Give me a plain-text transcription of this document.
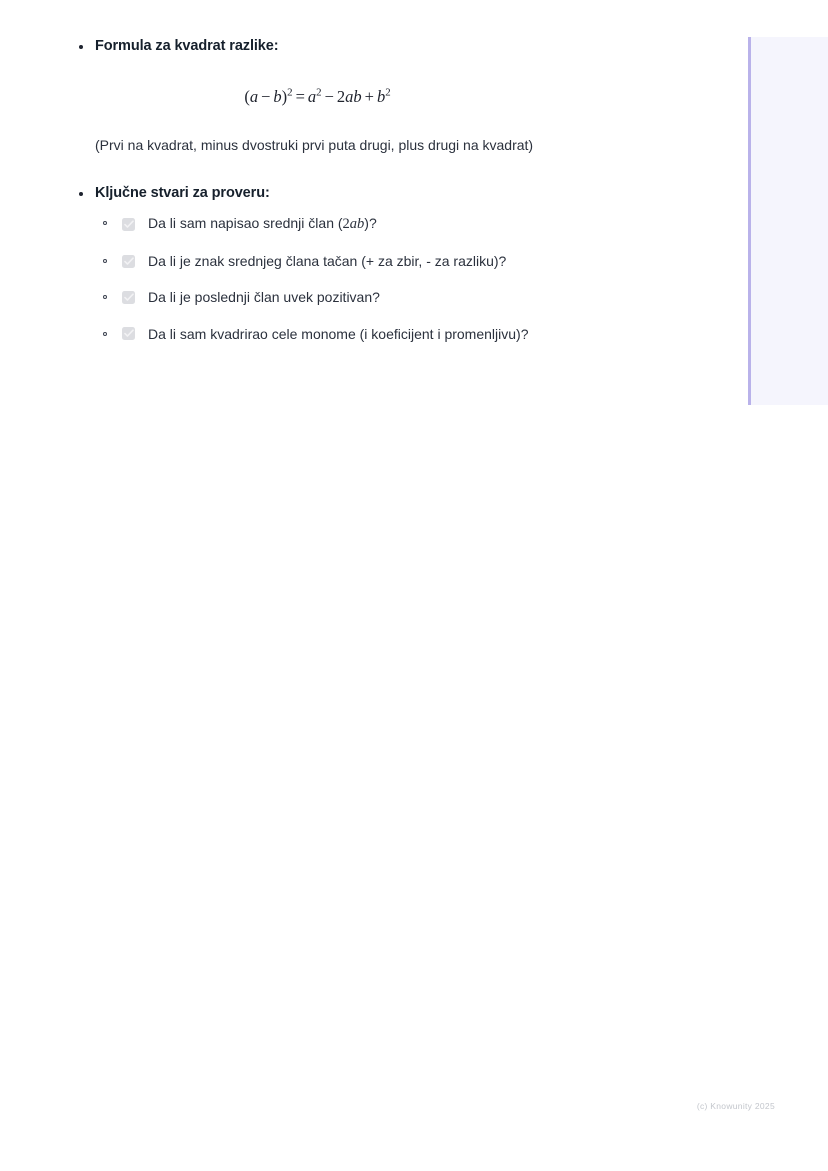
Formula za kvadrat razlike:
$(a - b)^2 = a^2 - 2ab + b^2$

(Prvi na kvadrat, minus dvostruki prvi puta drugi, plus drugi na kvadrat)

Ključne stvari za proveru:
Da li sam napisao srednji član (2ab)?
Da li je znak srednjeg člana tačan (+ za zbir, - za razliku)?
Da li je poslednji član uvek pozitivan?
Da li sam kvadrirao cele monome (i koeficijent i promenljivu)?
(c) Knowunity 2025
